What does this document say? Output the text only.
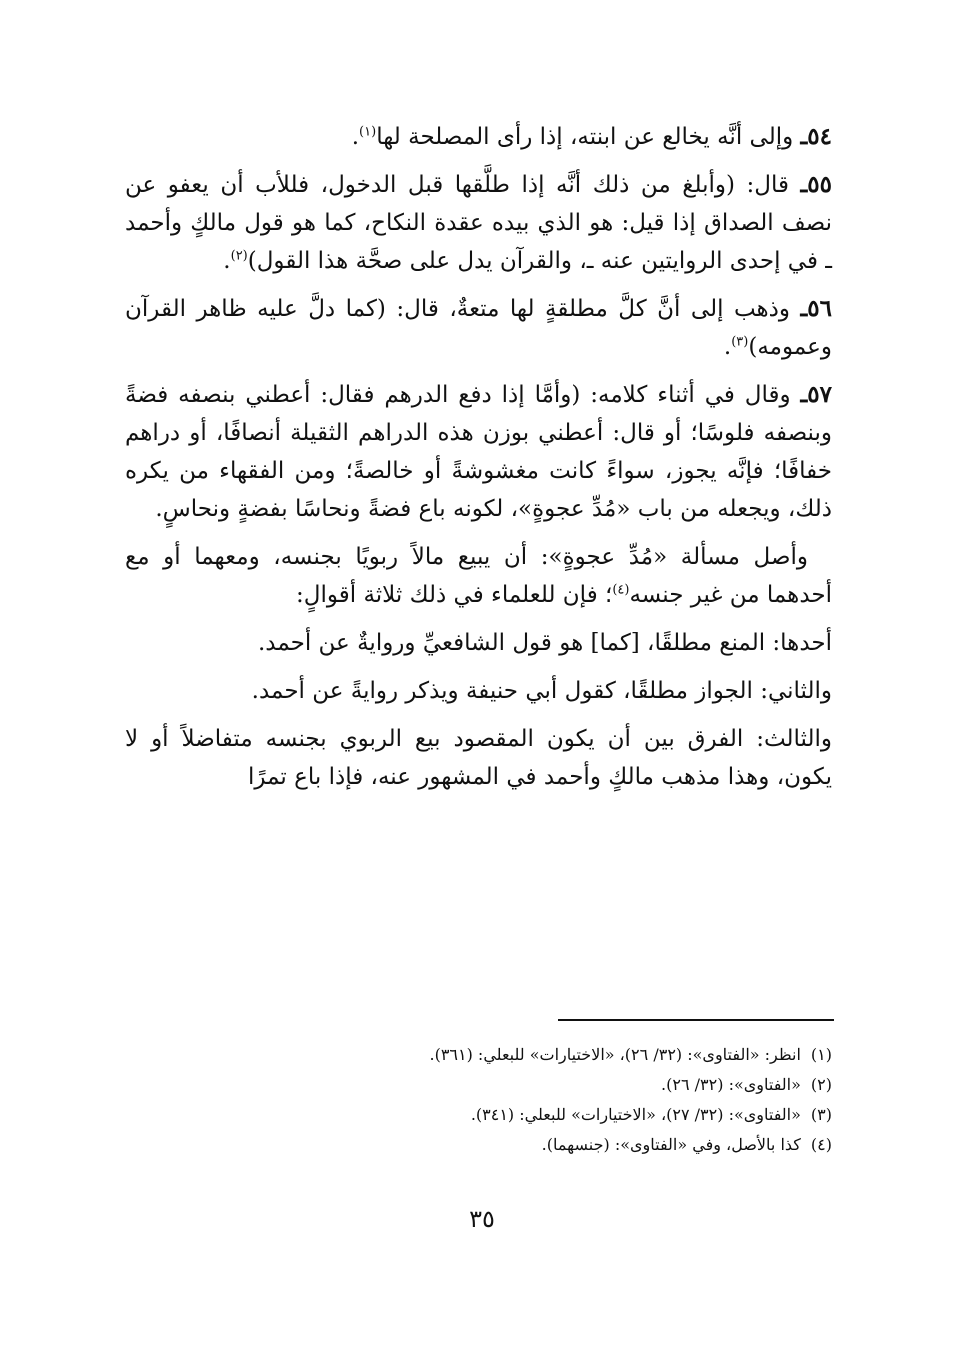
٥٤ـ وإلى أنَّه يخالع عن ابنته، إذا رأى المصلحة لها$^{(١)}$.

٥٥ـ قال: (وأبلغ من ذلك أنَّه إذا طلَّقها قبل الدخول، فللأب أن يعفو عن نصف الصداق إذا قيل: هو الذي بيده عقدة النكاح، كما هو قول مالكٍ وأحمد ـ في إحدى الروايتين عنه ـ، والقرآن يدل على صحَّة هذا القول)$^{(٢)}$.

٥٦ـ وذهب إلى أنَّ كلَّ مطلقةٍ لها متعةٌ، قال: (كما دلَّ عليه ظاهر القرآن وعمومه)$^{(٣)}$.

٥٧ـ وقال في أثناء كلامه: (وأمَّا إذا دفع الدرهم فقال: أعطني بنصفه فضةً وبنصفه فلوسًا؛ أو قال: أعطني بوزن هذه الدراهم الثقيلة أنصافًا، أو دراهم خفافًا؛ فإنَّه يجوز، سواءً كانت مغشوشةً أو خالصةً؛ ومن الفقهاء من يكره ذلك، ويجعله من باب «مُدِّ عجوةٍ»، لكونه باع فضةً ونحاسًا بفضةٍ ونحاسٍ.

وأصل مسألة «مُدِّ عجوةٍ»: أن يبيع مالاً ربويًا بجنسه، ومعهما أو مع أحدهما من غير جنسه$^{(٤)}$؛ فإن للعلماء في ذلك ثلاثة أقوالٍ:

أحدها: المنع مطلقًا، [كما] هو قول الشافعيِّ وروايةٌ عن أحمد.

والثاني: الجواز مطلقًا، كقول أبي حنيفة ويذكر روايةً عن أحمد.

والثالث: الفرق بين أن يكون المقصود بيع الربوي بجنسه متفاضلاً أو لا يكون، وهذا مذهب مالكٍ وأحمد في المشهور عنه، فإذا باع تمرًا

(١)انظر: «الفتاوى»: (٣٢/ ٢٦)، «الاختيارات» للبعلي: (٣٦١).
(٢)«الفتاوى»: (٣٢/ ٢٦).
(٣)«الفتاوى»: (٣٢/ ٢٧)، «الاختيارات» للبعلي: (٣٤١).
(٤)كذا بالأصل، وفي «الفتاوى»: (جنسهما).
٣٥
